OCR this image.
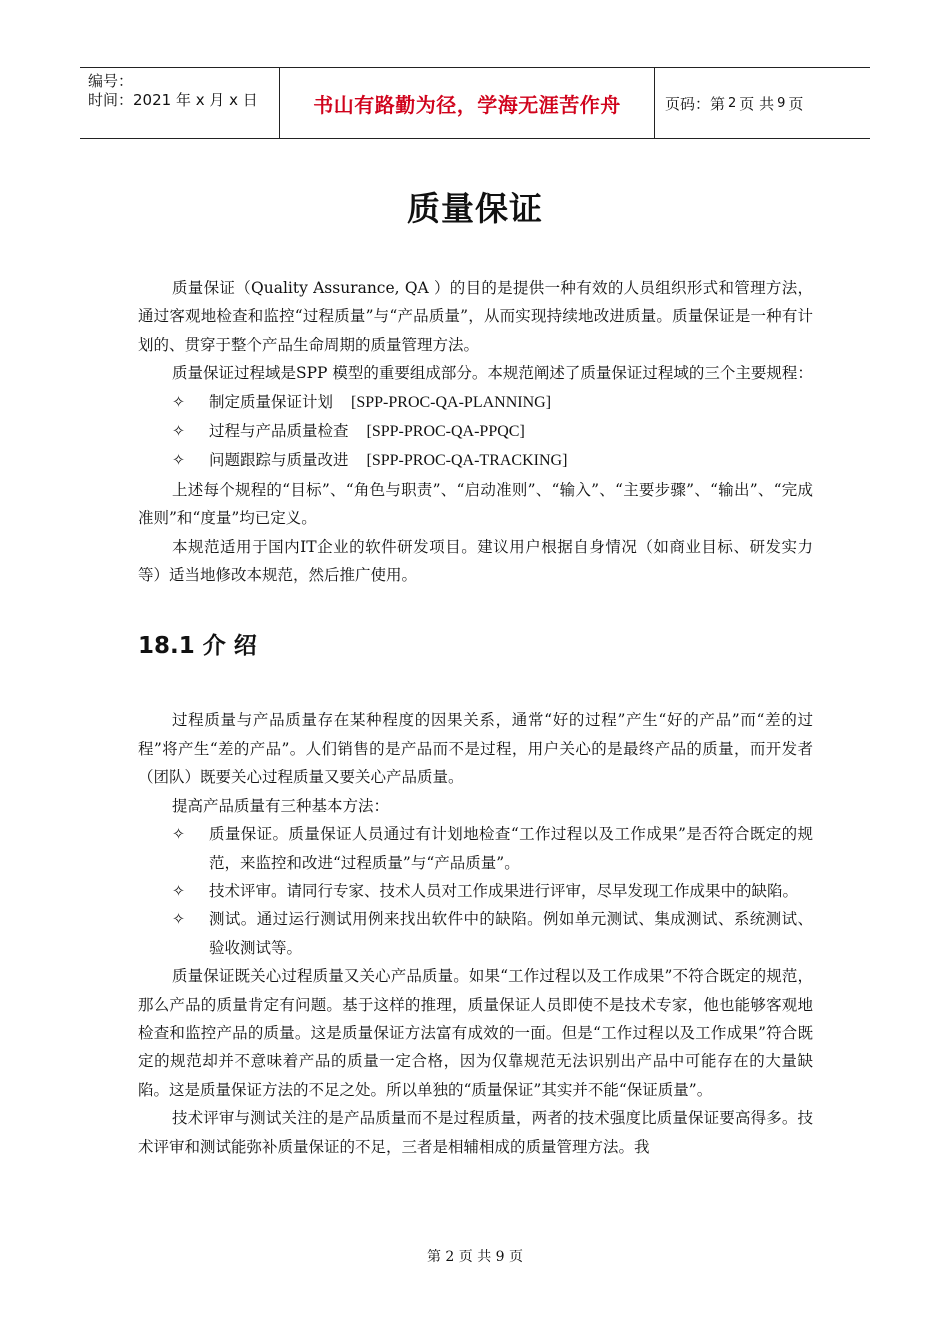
编号：
时间：2021 年 x 月 x 日	书山有路勤为径，学海无涯苦作舟	页码：第 2 页 共 9 页
质量保证

质量保证（Quality Assurance, QA ）的目的是提供一种有效的人员组织形式和管理方法，通过客观地检查和监控“过程质量”与“产品质量”，从而实现持续地改进质量。质量保证是一种有计划的、贯穿于整个产品生命周期的质量管理方法。

质量保证过程域是SPP 模型的重要组成部分。本规范阐述了质量保证过程域的三个主要规程：

✧ 制定质量保证计划 [SPP-PROC-QA-PLANNING]
✧ 过程与产品质量检查 [SPP-PROC-QA-PPQC]
✧ 问题跟踪与质量改进 [SPP-PROC-QA-TRACKING]

上述每个规程的“目标”、“角色与职责”、“启动准则”、“输入”、“主要步骤”、“输出”、“完成准则”和“度量”均已定义。

本规范适用于国内IT企业的软件研发项目。建议用户根据自身情况（如商业目标、研发实力等）适当地修改本规范，然后推广使用。

18.1 介 绍

过程质量与产品质量存在某种程度的因果关系，通常“好的过程”产生“好的产品”而“差的过程”将产生“差的产品”。人们销售的是产品而不是过程，用户关心的是最终产品的质量，而开发者（团队）既要关心过程质量又要关心产品质量。

提高产品质量有三种基本方法：

✧ 质量保证。质量保证人员通过有计划地检查“工作过程以及工作成果”是否符合既定的规范，来监控和改进“过程质量”与“产品质量”。
✧ 技术评审。请同行专家、技术人员对工作成果进行评审，尽早发现工作成果中的缺陷。
✧ 测试。通过运行测试用例来找出软件中的缺陷。例如单元测试、集成测试、系统测试、验收测试等。

质量保证既关心过程质量又关心产品质量。如果“工作过程以及工作成果”不符合既定的规范，那么产品的质量肯定有问题。基于这样的推理，质量保证人员即使不是技术专家，他也能够客观地检查和监控产品的质量。这是质量保证方法富有成效的一面。但是“工作过程以及工作成果”符合既定的规范却并不意味着产品的质量一定合格，因为仅靠规范无法识别出产品中可能存在的大量缺陷。这是质量保证方法的不足之处。所以单独的“质量保证”其实并不能“保证质量”。

技术评审与测试关注的是产品质量而不是过程质量，两者的技术强度比质量保证要高得多。技术评审和测试能弥补质量保证的不足，三者是相辅相成的质量管理方法。我

第 2 页 共 9 页
